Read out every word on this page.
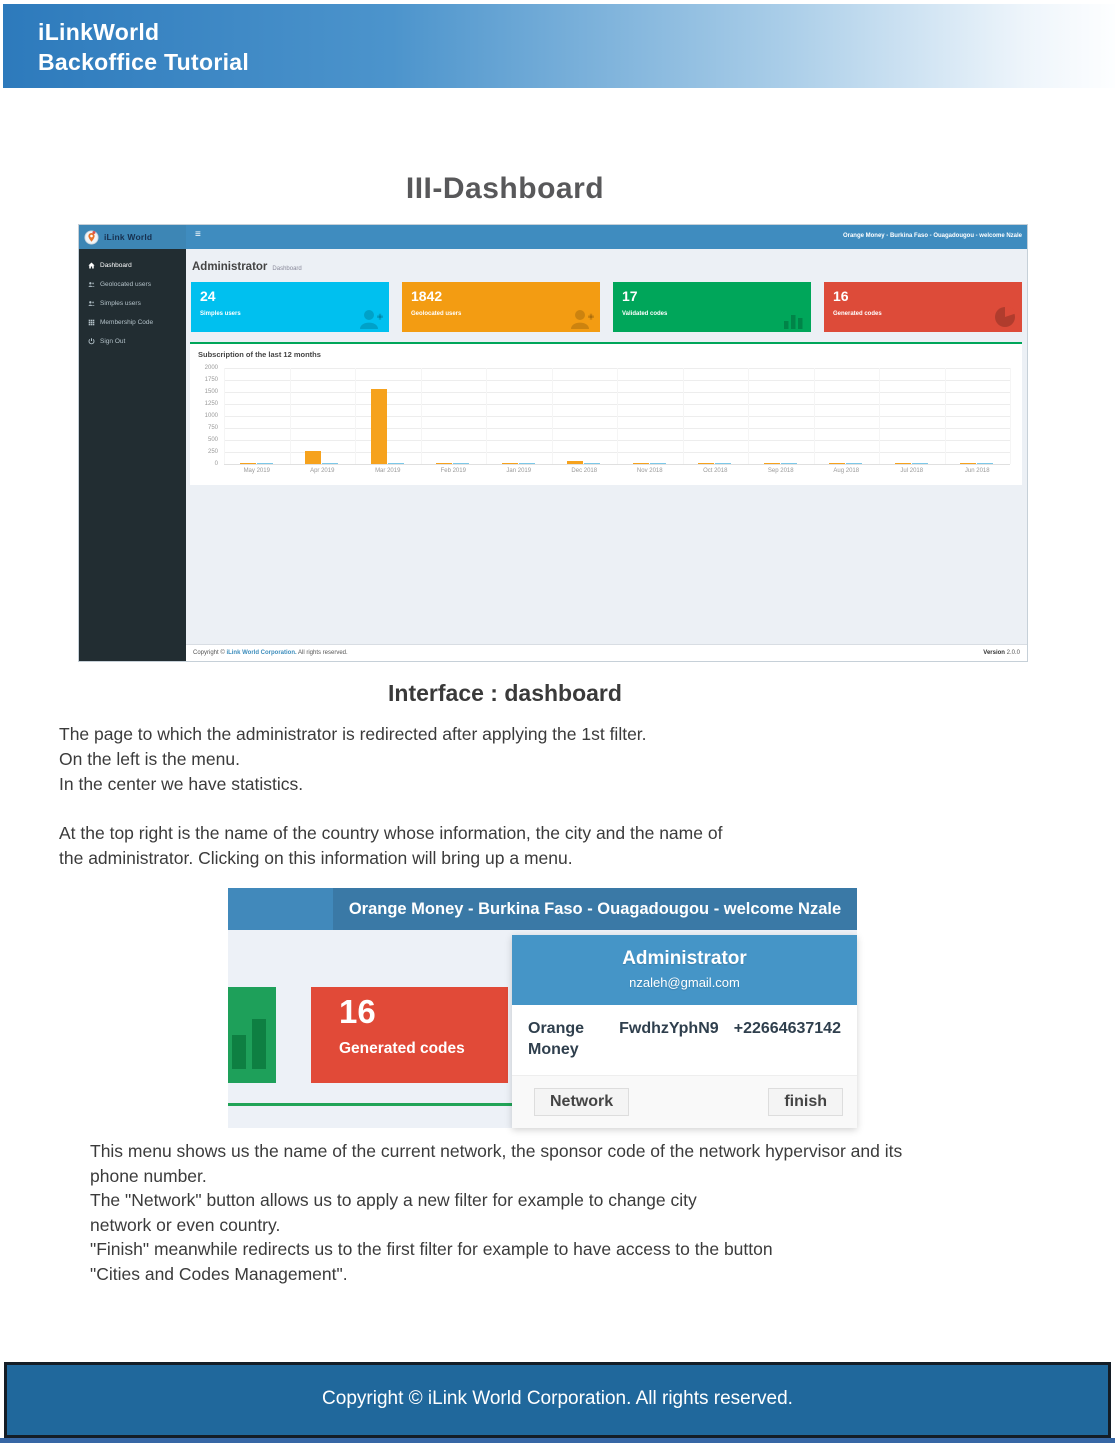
iLinkWorld
Backoffice Tutorial
III-Dashboard
iLink World	≡	Orange Money - Burkina Faso - Ouagadougou - welcome Nzale
Dashboard
Geolocated users
Simples users
Membership Code
Sign Out
Administrator Dashboard
24
Simples users
1842
Geolocated users
17
Validated codes
16
Generated codes
Subscription of the last 12 months
2000
1750
1500
1250
1000
750
500
250
0
May 2019	Apr 2019	Mar 2019	Feb 2019	Jan 2019	Dec 2018	Nov 2018	Oct 2018	Sep 2018	Aug 2018	Jul 2018	Jun 2018
Copyright © iLink World Corporation. All rights reserved.	Version 2.0.0
Interface : dashboard
The page to which the administrator is redirected after applying the 1st filter.
On the left is the menu.
In the center we have statistics.
At the top right is the name of the country whose information, the city and the name of
the administrator. Clicking on this information will bring up a menu.
Orange Money - Burkina Faso - Ouagadougou - welcome Nzale
16
Generated codes
Administrator
nzaleh@gmail.com
Orange Money
FwdhzYphN9 +22664637142
Network	finish
This menu shows us the name of the current network, the sponsor code of the network hypervisor and its
phone number.
The "Network" button allows us to apply a new filter for example to change city
network or even country.
"Finish" meanwhile redirects us to the first filter for example to have access to the button
"Cities and Codes Management".
Copyright © iLink World Corporation. All rights reserved.
